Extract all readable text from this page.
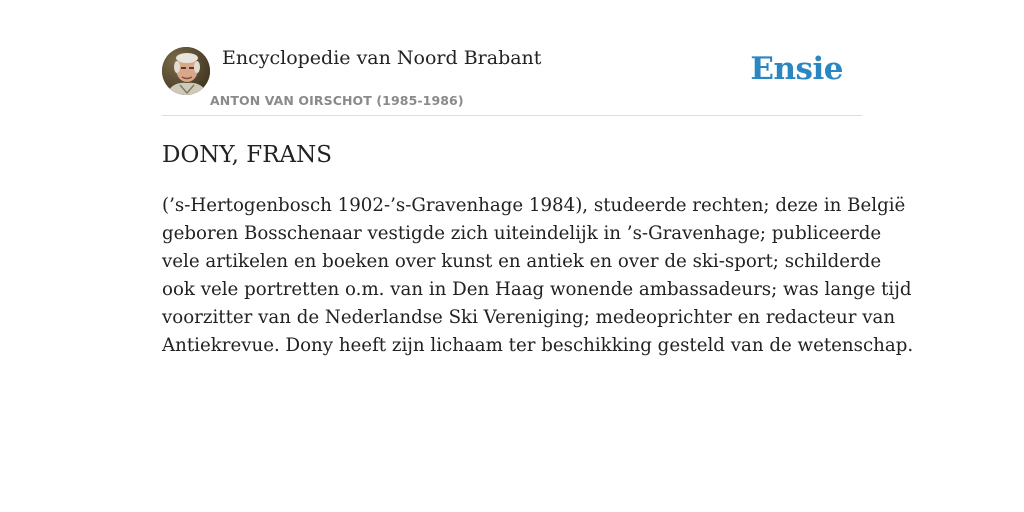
Encyclopedie van Noord Brabant
ANTON VAN OIRSCHOT (1985-1986)
Ensie
DONY, FRANS

(’s-Hertogenbosch 1902-’s-Gravenhage 1984), studeerde rechten; deze in België
geboren Bosschenaar vestigde zich uiteindelijk in ’s-Gravenhage; publiceerde
vele artikelen en boeken over kunst en antiek en over de ski-sport; schilderde
ook vele portretten o.m. van in Den Haag wonende ambassadeurs; was lange tijd
voorzitter van de Nederlandse Ski Vereniging; medeoprichter en redacteur van
Antiekrevue. Dony heeft zijn lichaam ter beschikking gesteld van de wetenschap.
